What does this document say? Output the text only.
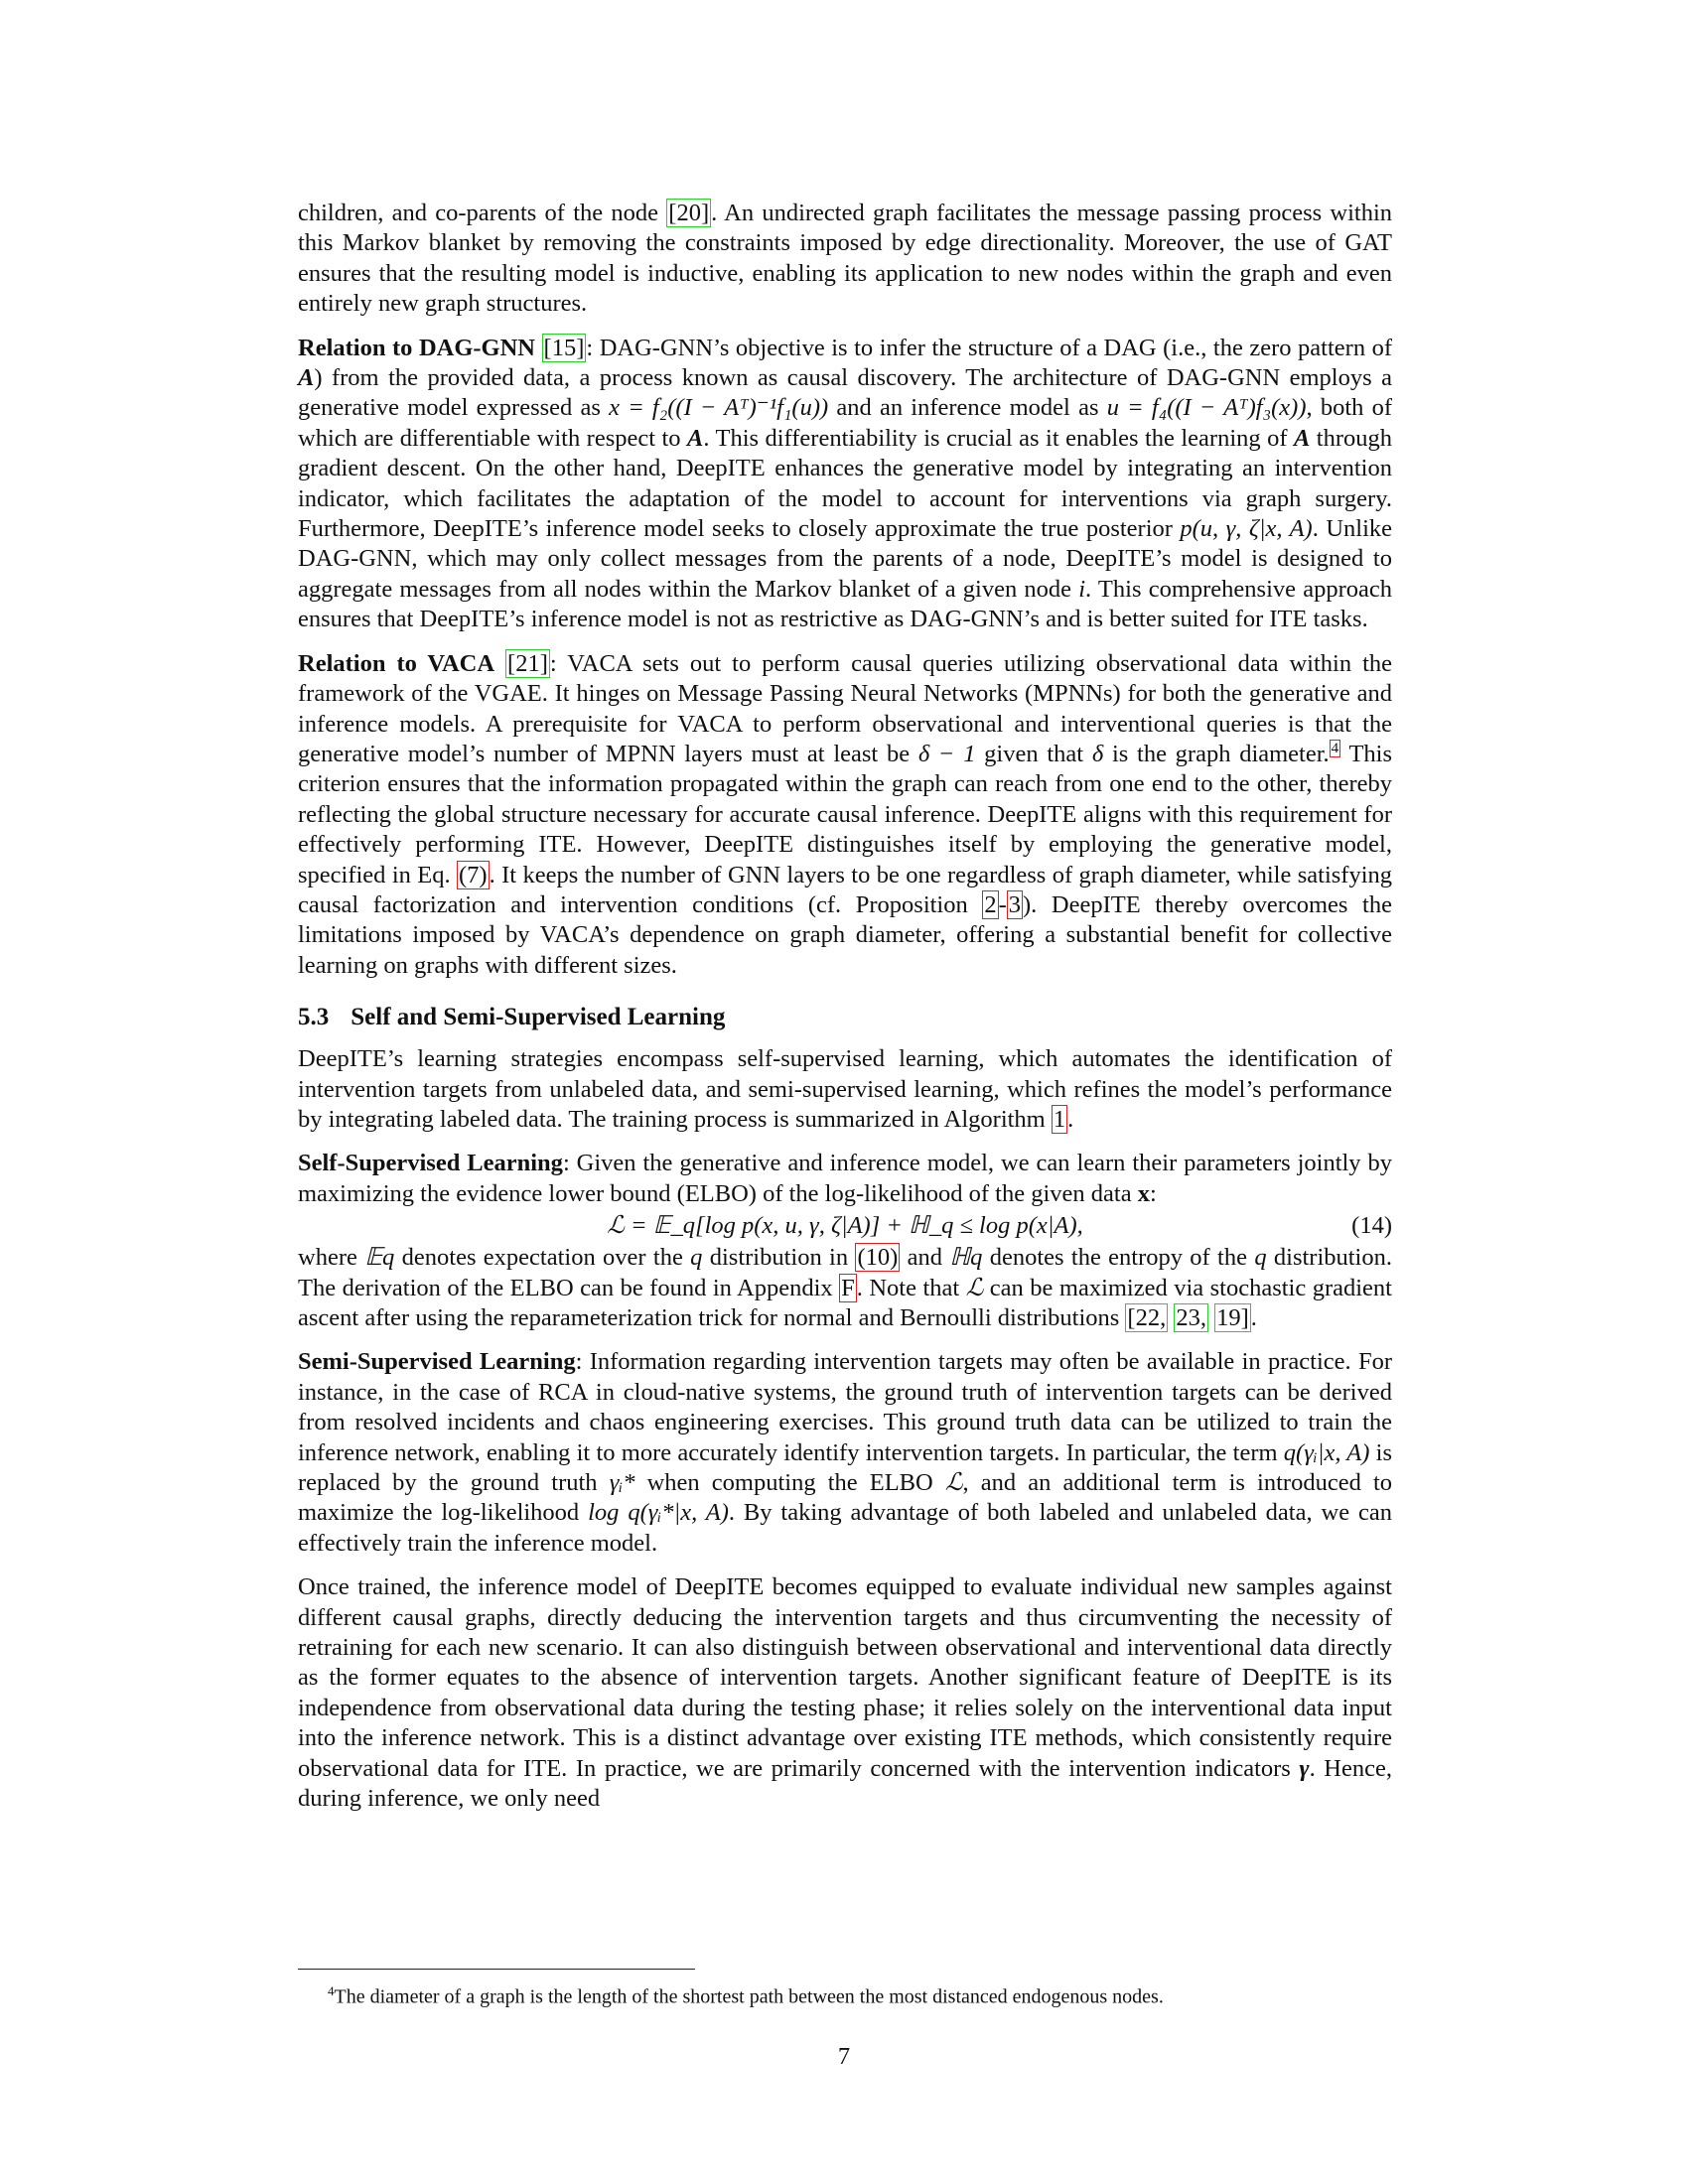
children, and co-parents of the node [20]. An undirected graph facilitates the message passing process within this Markov blanket by removing the constraints imposed by edge directionality. Moreover, the use of GAT ensures that the resulting model is inductive, enabling its application to new nodes within the graph and even entirely new graph structures.

Relation to DAG-GNN [15]: DAG-GNN’s objective is to infer the structure of a DAG (i.e., the zero pattern of A) from the provided data, a process known as causal discovery. The architecture of DAG-GNN employs a generative model expressed as x = f₂((I − Aᵀ)⁻¹f₁(u)) and an inference model as u = f₄((I − Aᵀ)f₃(x)), both of which are differentiable with respect to A. This differentiability is crucial as it enables the learning of A through gradient descent. On the other hand, DeepITE enhances the generative model by integrating an intervention indicator, which facilitates the adaptation of the model to account for interventions via graph surgery. Furthermore, DeepITE’s inference model seeks to closely approximate the true posterior p(u, γ, ζ|x, A). Unlike DAG-GNN, which may only collect messages from the parents of a node, DeepITE’s model is designed to aggregate messages from all nodes within the Markov blanket of a given node i. This comprehensive approach ensures that DeepITE’s inference model is not as restrictive as DAG-GNN’s and is better suited for ITE tasks.

Relation to VACA [21]: VACA sets out to perform causal queries utilizing observational data within the framework of the VGAE. It hinges on Message Passing Neural Networks (MPNNs) for both the generative and inference models. A prerequisite for VACA to perform observational and interventional queries is that the generative model’s number of MPNN layers must at least be δ − 1 given that δ is the graph diameter. $^4$ This criterion ensures that the information propagated within the graph can reach from one end to the other, thereby reflecting the global structure necessary for accurate causal inference. DeepITE aligns with this requirement for effectively performing ITE. However, DeepITE distinguishes itself by employing the generative model, specified in Eq. (7). It keeps the number of GNN layers to be one regardless of graph diameter, while satisfying causal factorization and intervention conditions (cf. Proposition 2-3). DeepITE thereby overcomes the limitations imposed by VACA’s dependence on graph diameter, offering a substantial benefit for collective learning on graphs with different sizes.

5.3 Self and Semi-Supervised Learning

DeepITE’s learning strategies encompass self-supervised learning, which automates the identification of intervention targets from unlabeled data, and semi-supervised learning, which refines the model’s performance by integrating labeled data. The training process is summarized in Algorithm 1.

Self-Supervised Learning: Given the generative and inference model, we can learn their parameters jointly by maximizing the evidence lower bound (ELBO) of the log-likelihood of the given data x:

ℒ = 𝔼_q[log p(x, u, γ, ζ|A)] + ℍ_q ≤ log p(x|A),	(14)

where 𝔼q denotes expectation over the q distribution in (10) and ℍq denotes the entropy of the q distribution. The derivation of the ELBO can be found in Appendix F. Note that ℒ can be maximized via stochastic gradient ascent after using the reparameterization trick for normal and Bernoulli distributions [22, 23, 19].

Semi-Supervised Learning: Information regarding intervention targets may often be available in practice. For instance, in the case of RCA in cloud-native systems, the ground truth of intervention targets can be derived from resolved incidents and chaos engineering exercises. This ground truth data can be utilized to train the inference network, enabling it to more accurately identify intervention targets. In particular, the term q(γᵢ|x, A) is replaced by the ground truth γᵢ* when computing the ELBO ℒ, and an additional term is introduced to maximize the log-likelihood log q(γᵢ*|x, A). By taking advantage of both labeled and unlabeled data, we can effectively train the inference model.

Once trained, the inference model of DeepITE becomes equipped to evaluate individual new samples against different causal graphs, directly deducing the intervention targets and thus circumventing the necessity of retraining for each new scenario. It can also distinguish between observational and interventional data directly as the former equates to the absence of intervention targets. Another significant feature of DeepITE is its independence from observational data during the testing phase; it relies solely on the interventional data input into the inference network. This is a distinct advantage over existing ITE methods, which consistently require observational data for ITE. In practice, we are primarily concerned with the intervention indicators γ. Hence, during inference, we only need

$^4$The diameter of a graph is the length of the shortest path between the most distanced endogenous nodes.
7
